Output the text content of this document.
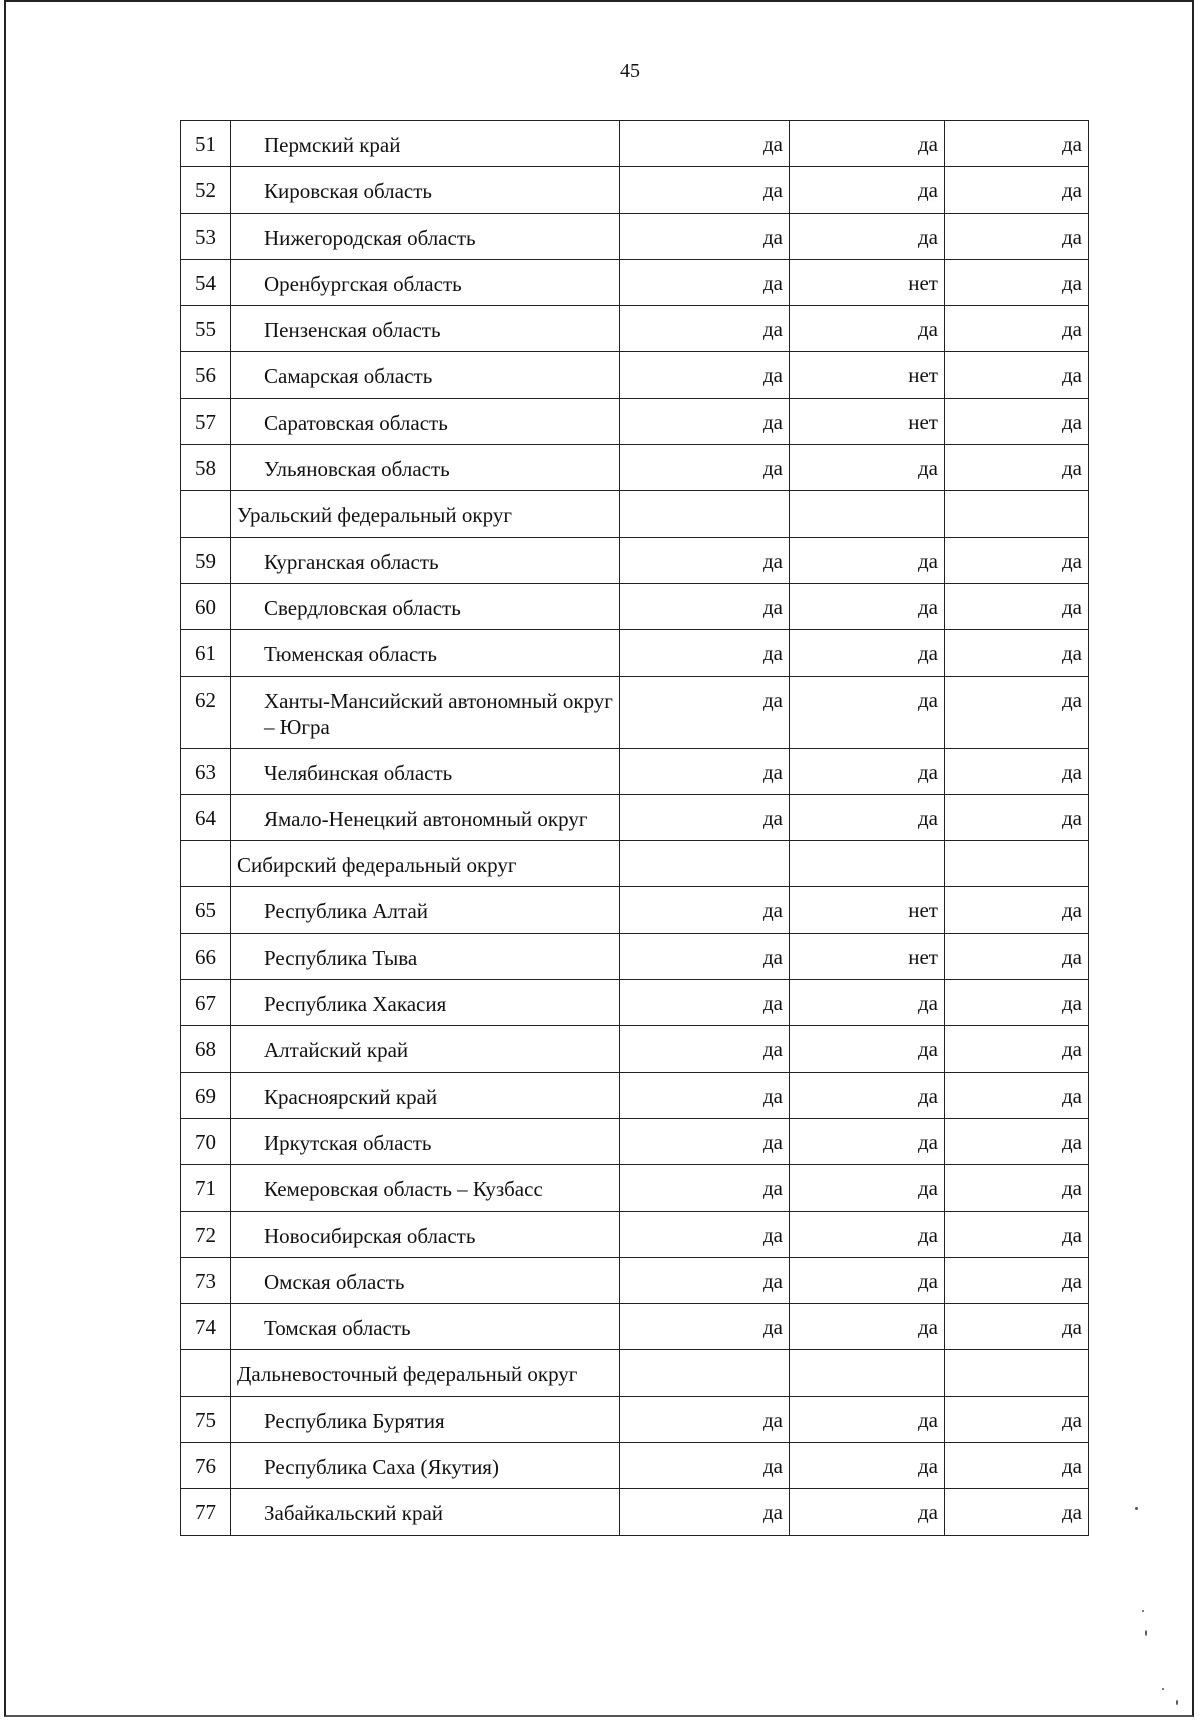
45
51	Пермский край	да	да	да
52	Кировская область	да	да	да
53	Нижегородская область	да	да	да
54	Оренбургская область	да	нет	да
55	Пензенская область	да	да	да
56	Самарская область	да	нет	да
57	Саратовская область	да	нет	да
58	Ульяновская область	да	да	да
	Уральский федеральный округ			
59	Курганская область	да	да	да
60	Свердловская область	да	да	да
61	Тюменская область	да	да	да
62	Ханты-Мансийский автономный округ – Югра	да	да	да
63	Челябинская область	да	да	да
64	Ямало-Ненецкий автономный округ	да	да	да
	Сибирский федеральный округ			
65	Республика Алтай	да	нет	да
66	Республика Тыва	да	нет	да
67	Республика Хакасия	да	да	да
68	Алтайский край	да	да	да
69	Красноярский край	да	да	да
70	Иркутская область	да	да	да
71	Кемеровская область – Кузбасс	да	да	да
72	Новосибирская область	да	да	да
73	Омская область	да	да	да
74	Томская область	да	да	да
	Дальневосточный федеральный округ			
75	Республика Бурятия	да	да	да
76	Республика Саха (Якутия)	да	да	да
77	Забайкальский край	да	да	да
